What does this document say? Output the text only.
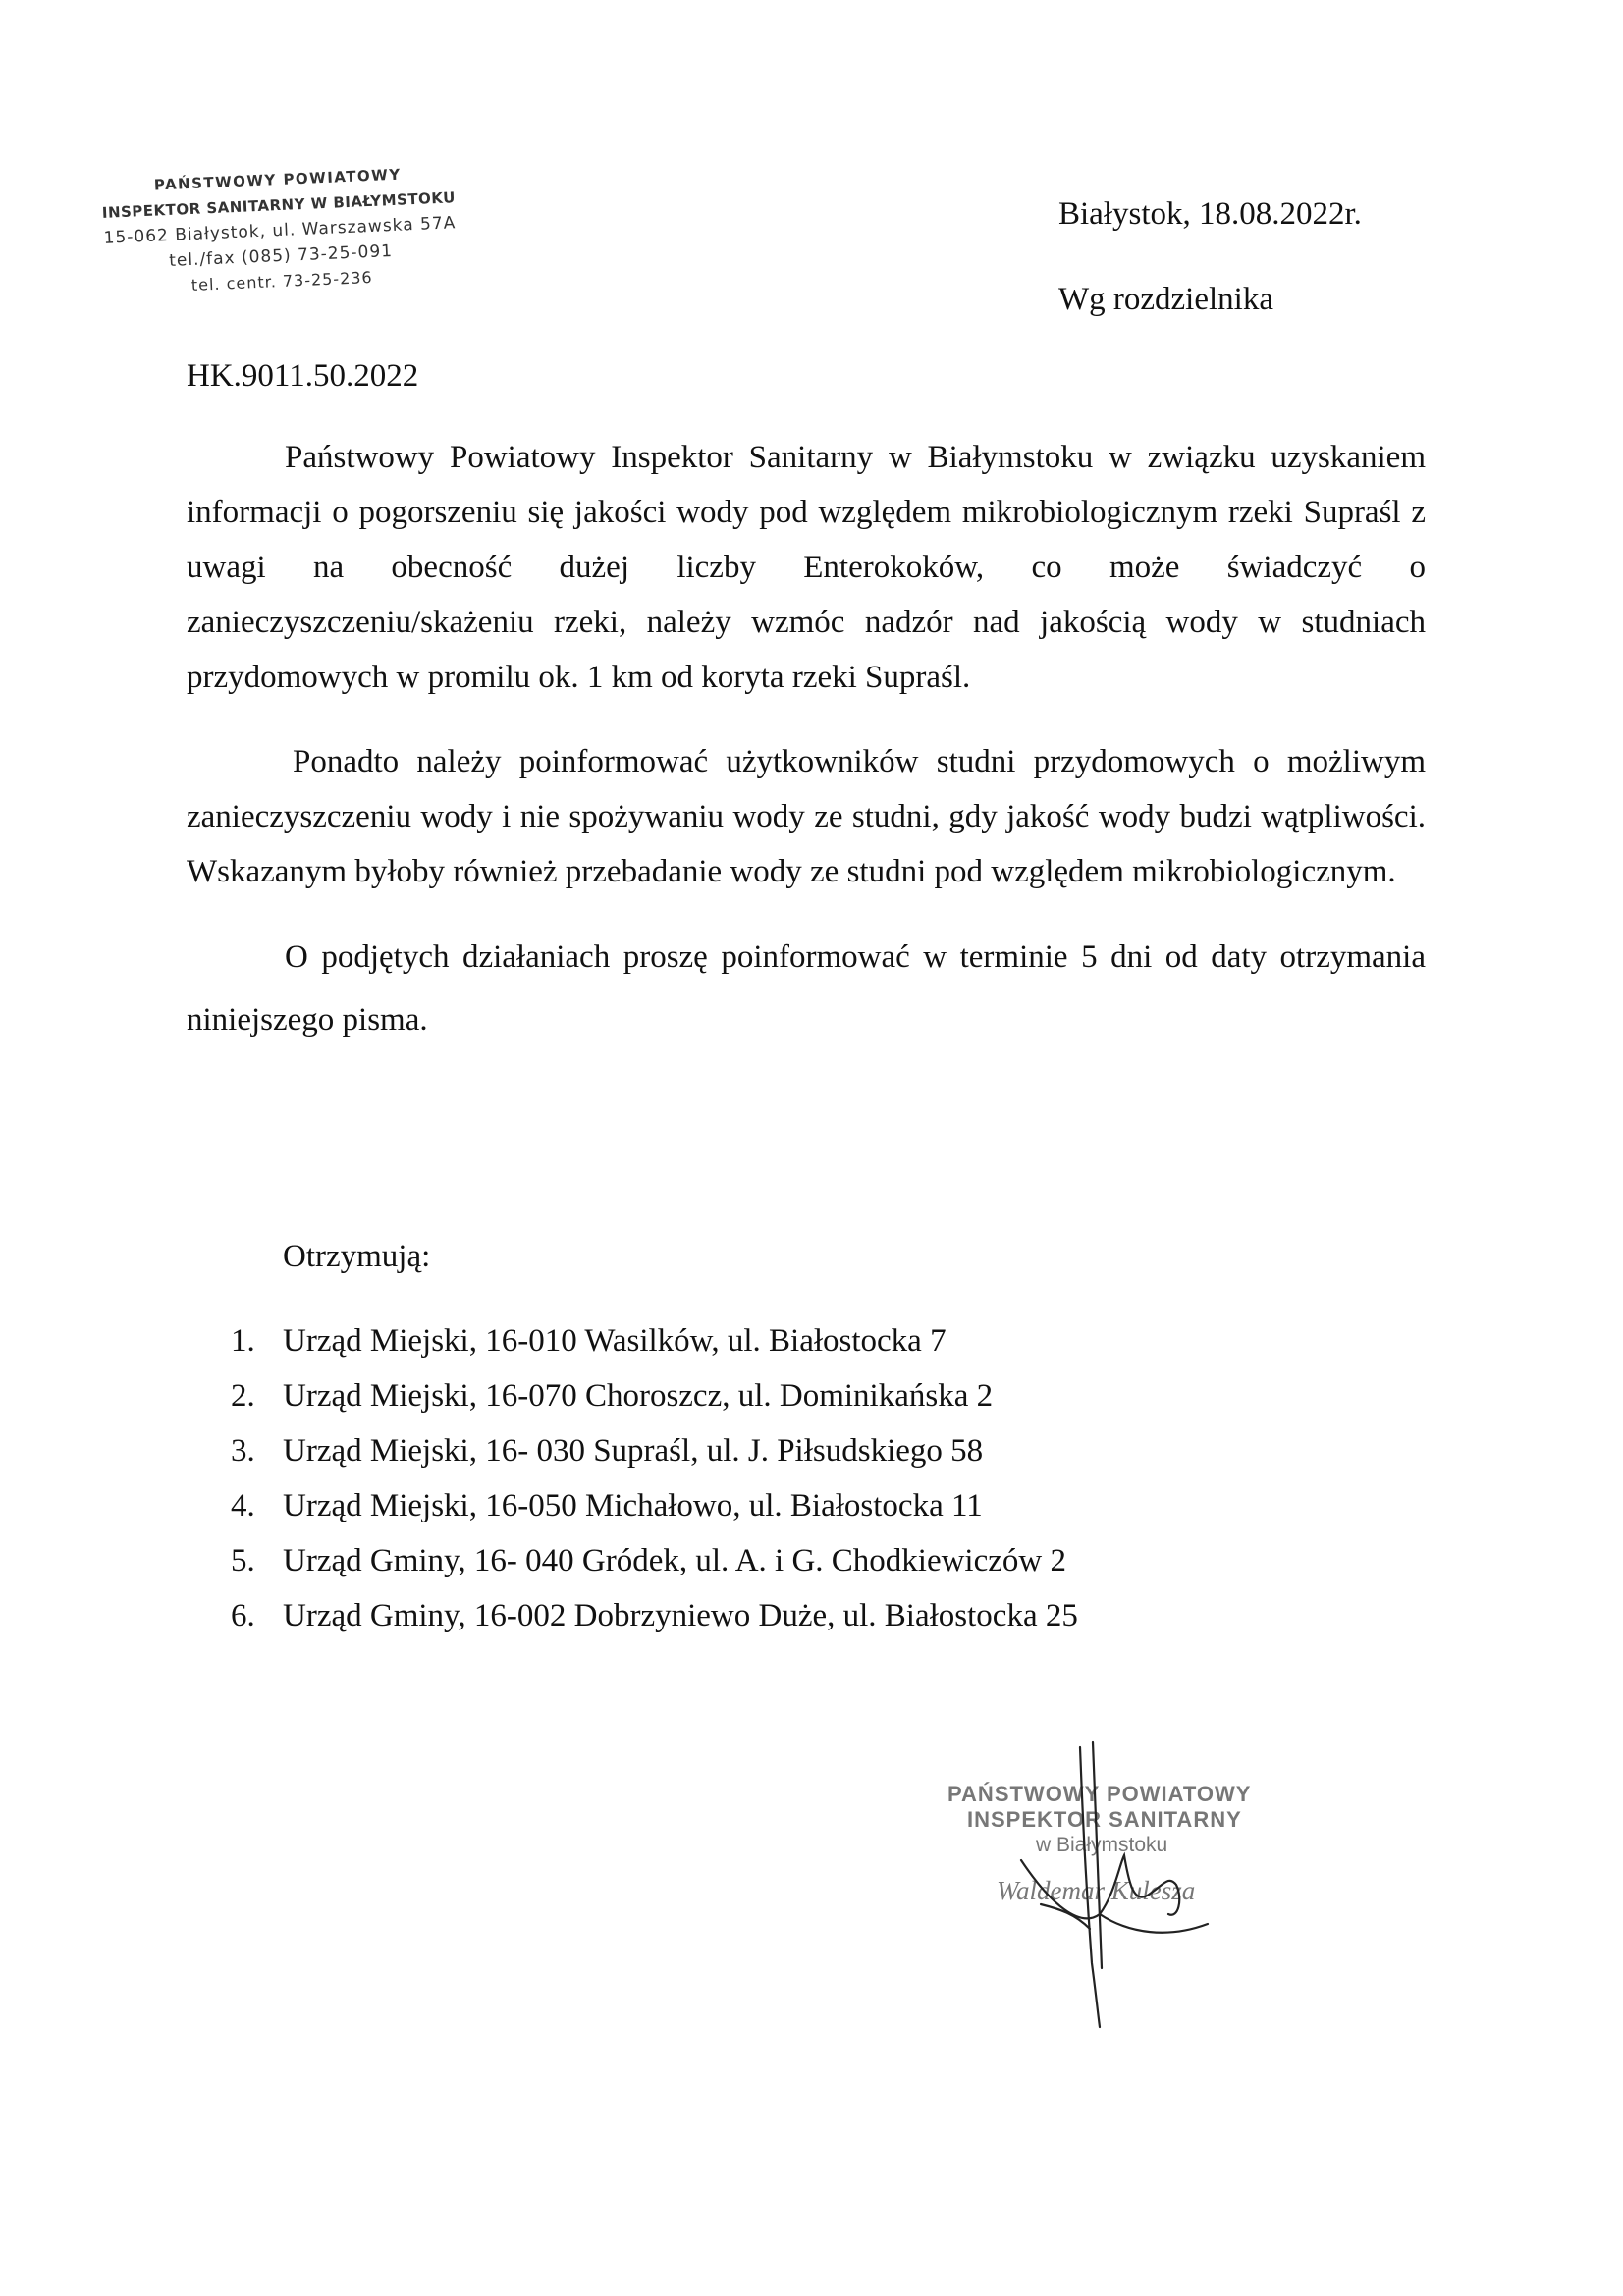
PAŃSTWOWY POWIATOWY
INSPEKTOR SANITARNY W BIAŁYMSTOKU
15-062 Białystok, ul. Warszawska 57A
tel./fax (085) 73-25-091
tel. centr. 73-25-236
Białystok, 18.08.2022r.
Wg rozdzielnika
HK.9011.50.2022
Państwowy Powiatowy Inspektor Sanitarny w Białymstoku w związku uzyskaniem informacji o pogorszeniu się jakości wody pod względem mikrobiologicznym rzeki Supraśl z uwagi na obecność dużej liczby Enterokoków, co może świadczyć o zanieczyszczeniu/skażeniu rzeki, należy wzmóc nadzór nad jakością wody w studniach przydomowych w promilu ok. 1 km od koryta rzeki Supraśl.
Ponadto należy poinformować użytkowników studni przydomowych o możliwym zanieczyszczeniu wody i nie spożywaniu wody ze studni, gdy jakość wody budzi wątpliwości. Wskazanym byłoby również przebadanie wody ze studni pod względem mikrobiologicznym.
O podjętych działaniach proszę poinformować w terminie 5 dni od daty otrzymania niniejszego pisma.
Otrzymują:
1. Urząd Miejski, 16-010 Wasilków, ul. Białostocka 7
2. Urząd Miejski, 16-070 Choroszcz, ul. Dominikańska 2
3. Urząd Miejski, 16- 030 Supraśl, ul. J. Piłsudskiego 58
4. Urząd Miejski, 16-050 Michałowo, ul. Białostocka 11
5. Urząd Gminy, 16- 040 Gródek, ul. A. i G. Chodkiewiczów 2
6. Urząd Gminy, 16-002 Dobrzyniewo Duże, ul. Białostocka 25
PAŃSTWOWY POWIATOWY
INSPEKTOR SANITARNY
w Białymstoku
Waldemar Kulesza
